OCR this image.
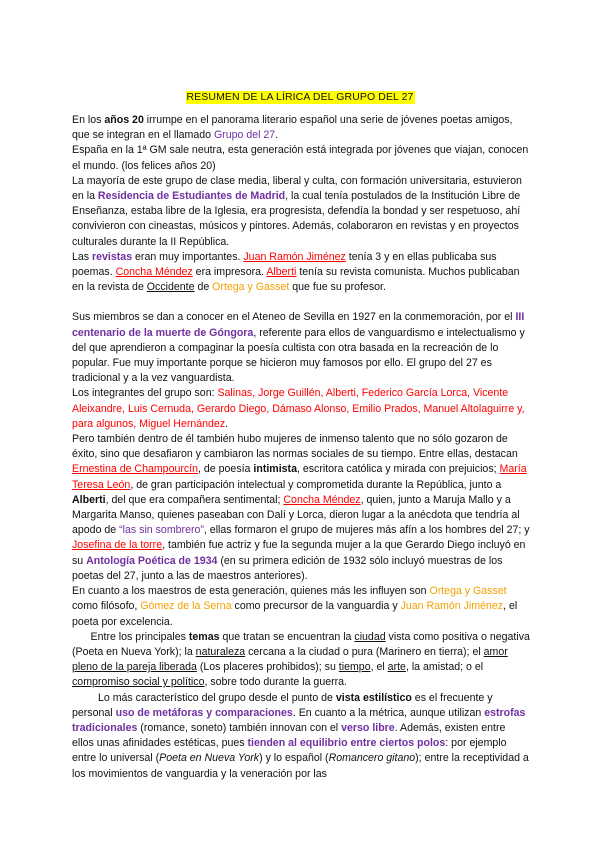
RESUMEN DE LA LÍRICA DEL GRUPO DEL 27

En los años 20 irrumpe en el panorama literario español una serie de jóvenes poetas amigos, que se integran en el llamado Grupo del 27.

España en la 1ª GM sale neutra, esta generación está integrada por jóvenes que viajan, conocen el mundo. (los felices años 20)

La mayoría de este grupo de clase media, liberal y culta, con formación universitaria, estuvieron en la Residencia de Estudiantes de Madrid, la cual tenía postulados de la Institución Libre de Enseñanza, estaba libre de la Iglesia, era progresista, defendía la bondad y ser respetuoso, ahí convivieron con cineastas, músicos y pintores. Además, colaboraron en revistas y en proyectos culturales durante la II República.

Las revistas eran muy importantes. Juan Ramón Jiménez tenía 3 y en ellas publicaba sus poemas. Concha Méndez era impresora. Alberti tenía su revista comunista. Muchos publicaban en la revista de Occidente de Ortega y Gasset que fue su profesor.

Sus miembros se dan a conocer en el Ateneo de Sevilla en 1927 en la conmemoración, por el III centenario de la muerte de Góngora, referente para ellos de vanguardismo e intelectualismo y del que aprendieron a compaginar la poesía cultista con otra basada en la recreación de lo popular. Fue muy importante porque se hicieron muy famosos por ello. El grupo del 27 es tradicional y a la vez vanguardista.

Los integrantes del grupo son: Salinas, Jorge Guillén, Alberti, Federico García Lorca, Vicente Aleixandre, Luis Cernuda, Gerardo Diego, Dámaso Alonso, Emilio Prados, Manuel Altolaguirre y, para algunos, Miguel Hernández.

Pero también dentro de él también hubo mujeres de inmenso talento que no sólo gozaron de éxito, sino que desafiaron y cambiaron las normas sociales de su tiempo. Entre ellas, destacan Ernestina de Champourcín, de poesía intimista, escritora católica y mirada con prejuicios; María Teresa León, de gran participación intelectual y comprometida durante la República, junto a Alberti, del que era compañera sentimental; Concha Méndez, quien, junto a Maruja Mallo y a Margarita Manso, quienes paseaban con Dalí y Lorca, dieron lugar a la anécdota que tendría al apodo de “las sin sombrero”, ellas formaron el grupo de mujeres más afín a los hombres del 27; y Josefina de la torre, también fue actriz y fue la segunda mujer a la que Gerardo Diego incluyó en su Antología Poética de 1934 (en su primera edición de 1932 sólo incluyó muestras de los poetas del 27, junto a las de maestros anteriores).

En cuanto a los maestros de esta generación, quienes más les influyen son Ortega y Gasset como filósofo, Gómez de la Serna como precursor de la vanguardia y Juan Ramón Jiménez, el poeta por excelencia.

Entre los principales temas que tratan se encuentran la ciudad vista como positiva o negativa (Poeta en Nueva York); la naturaleza cercana a la ciudad o pura (Marinero en tierra); el amor pleno de la pareja liberada (Los placeres prohibidos); su tiempo, el arte, la amistad; o el compromiso social y político, sobre todo durante la guerra.

Lo más característico del grupo desde el punto de vista estilístico es el frecuente y personal uso de metáforas y comparaciones. En cuanto a la métrica, aunque utilizan estrofas tradicionales (romance, soneto) también innovan con el verso libre. Además, existen entre ellos unas afinidades estéticas, pues tienden al equilibrio entre ciertos polos: por ejemplo entre lo universal (Poeta en Nueva York) y lo español (Romancero gitano); entre la receptividad a los movimientos de vanguardia y la veneración por las
